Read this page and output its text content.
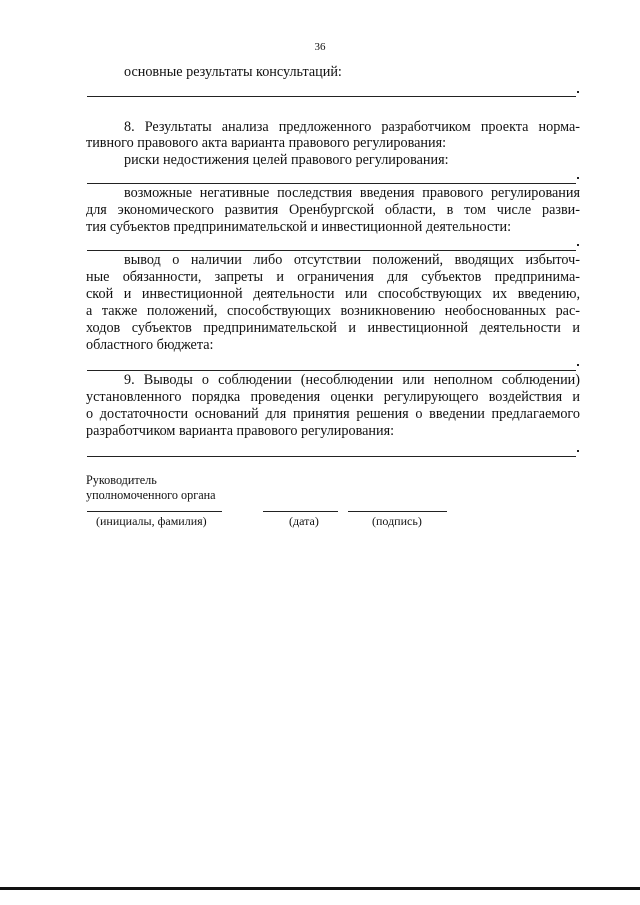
36
основные результаты консультаций:
8. Результаты анализа предложенного разработчиком проекта норма-
тивного правового акта варианта правового регулирования:
риски недостижения целей правового регулирования:
возможные негативные последствия введения правового регулирования
для экономического развития Оренбургской области, в том числе разви-
тия субъектов предпринимательской и инвестиционной деятельности:
вывод о наличии либо отсутствии положений, вводящих избыточ-
ные обязанности, запреты и ограничения для субъектов предпринима-
ской и инвестиционной деятельности или способствующих их введению,
а также положений, способствующих возникновению необоснованных рас-
ходов субъектов предпринимательской и инвестиционной деятельности и
областного бюджета:
9. Выводы о соблюдении (несоблюдении или неполном соблюдении)
установленного порядка проведения оценки регулирующего воздействия и
о достаточности оснований для принятия решения о введении предлагаемого
разработчиком варианта правового регулирования:
Руководитель
уполномоченного органа
(инициалы, фамилия)	(дата)	(подпись)
